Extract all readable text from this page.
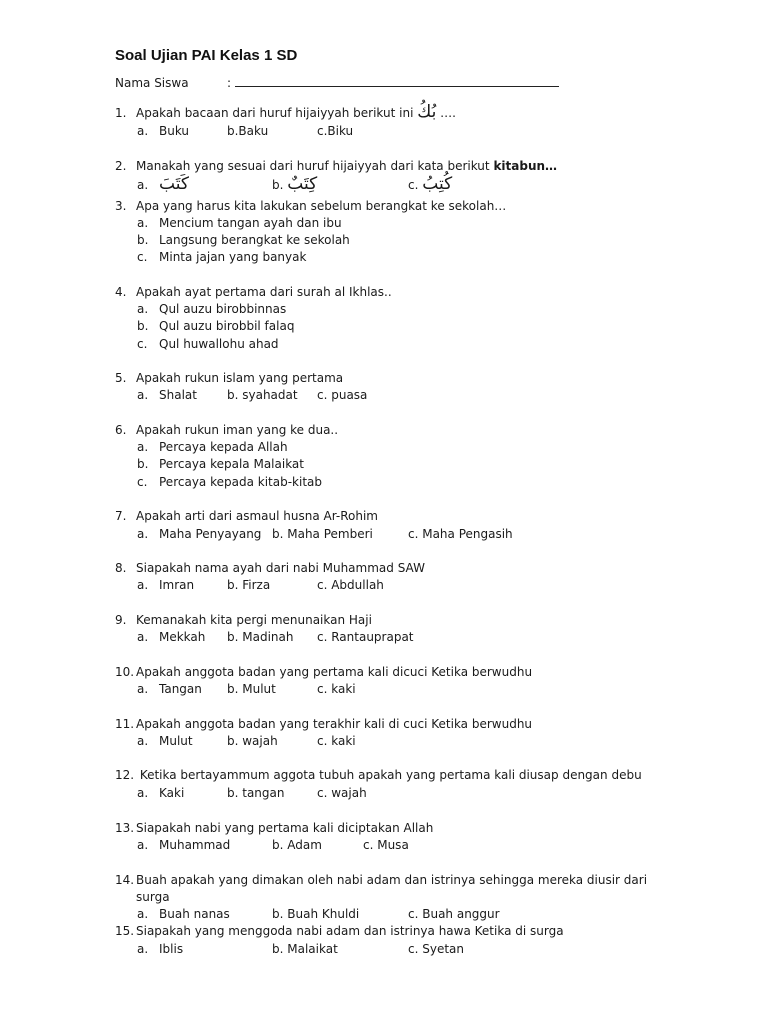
Soal Ujian PAI Kelas 1 SD
Nama Siswa	:
1. Apakah bacaan dari huruf hijaiyyah berikut ini بُكُ ….
a. Buku	b.Baku	c.Biku
2. Manakah yang sesuai dari huruf hijaiyyah dari kata berikut kitabun…
a. كَتَبَ	b. كِتَبٌ	c. كُتِبُ
3. Apa yang harus kita lakukan sebelum berangkat ke sekolah…
a. Mencium tangan ayah dan ibu
b. Langsung berangkat ke sekolah
c. Minta jajan yang banyak
4. Apakah ayat pertama dari surah al Ikhlas..
a. Qul auzu birobbinnas
b. Qul auzu birobbil falaq
c. Qul huwallohu ahad
5. Apakah rukun islam yang pertama
a. Shalat	b. syahadat c. puasa
6. Apakah rukun iman yang ke dua..
a. Percaya kepada Allah
b. Percaya kepala Malaikat
c. Percaya kepada kitab-kitab
7. Apakah arti dari asmaul husna Ar-Rohim
a. Maha Penyayang b. Maha Pemberi	c. Maha Pengasih
8. Siapakah nama ayah dari nabi Muhammad SAW
a. Imran	b. Firza	c. Abdullah
9. Kemanakah kita pergi menunaikan Haji
a. Mekkah b. Madinah c. Rantauprapat
10. Apakah anggota badan yang pertama kali dicuci Ketika berwudhu
a. Tangan b. Mulut	c. kaki
11. Apakah anggota badan yang terakhir kali di cuci Ketika berwudhu
a. Mulut	b. wajah	c. kaki
12. Ketika bertayammum aggota tubuh apakah yang pertama kali diusap dengan debu
a. Kaki	b. tangan	c. wajah
13. Siapakah nabi yang pertama kali diciptakan Allah
a. Muhammad	b. Adam	c. Musa
14. Buah apakah yang dimakan oleh nabi adam dan istrinya sehingga mereka diusir dari surga
a. Buah nanas	b. Buah Khuldi	c. Buah anggur
15. Siapakah yang menggoda nabi adam dan istrinya hawa Ketika di surga
a. Iblis	b. Malaikat	c. Syetan
